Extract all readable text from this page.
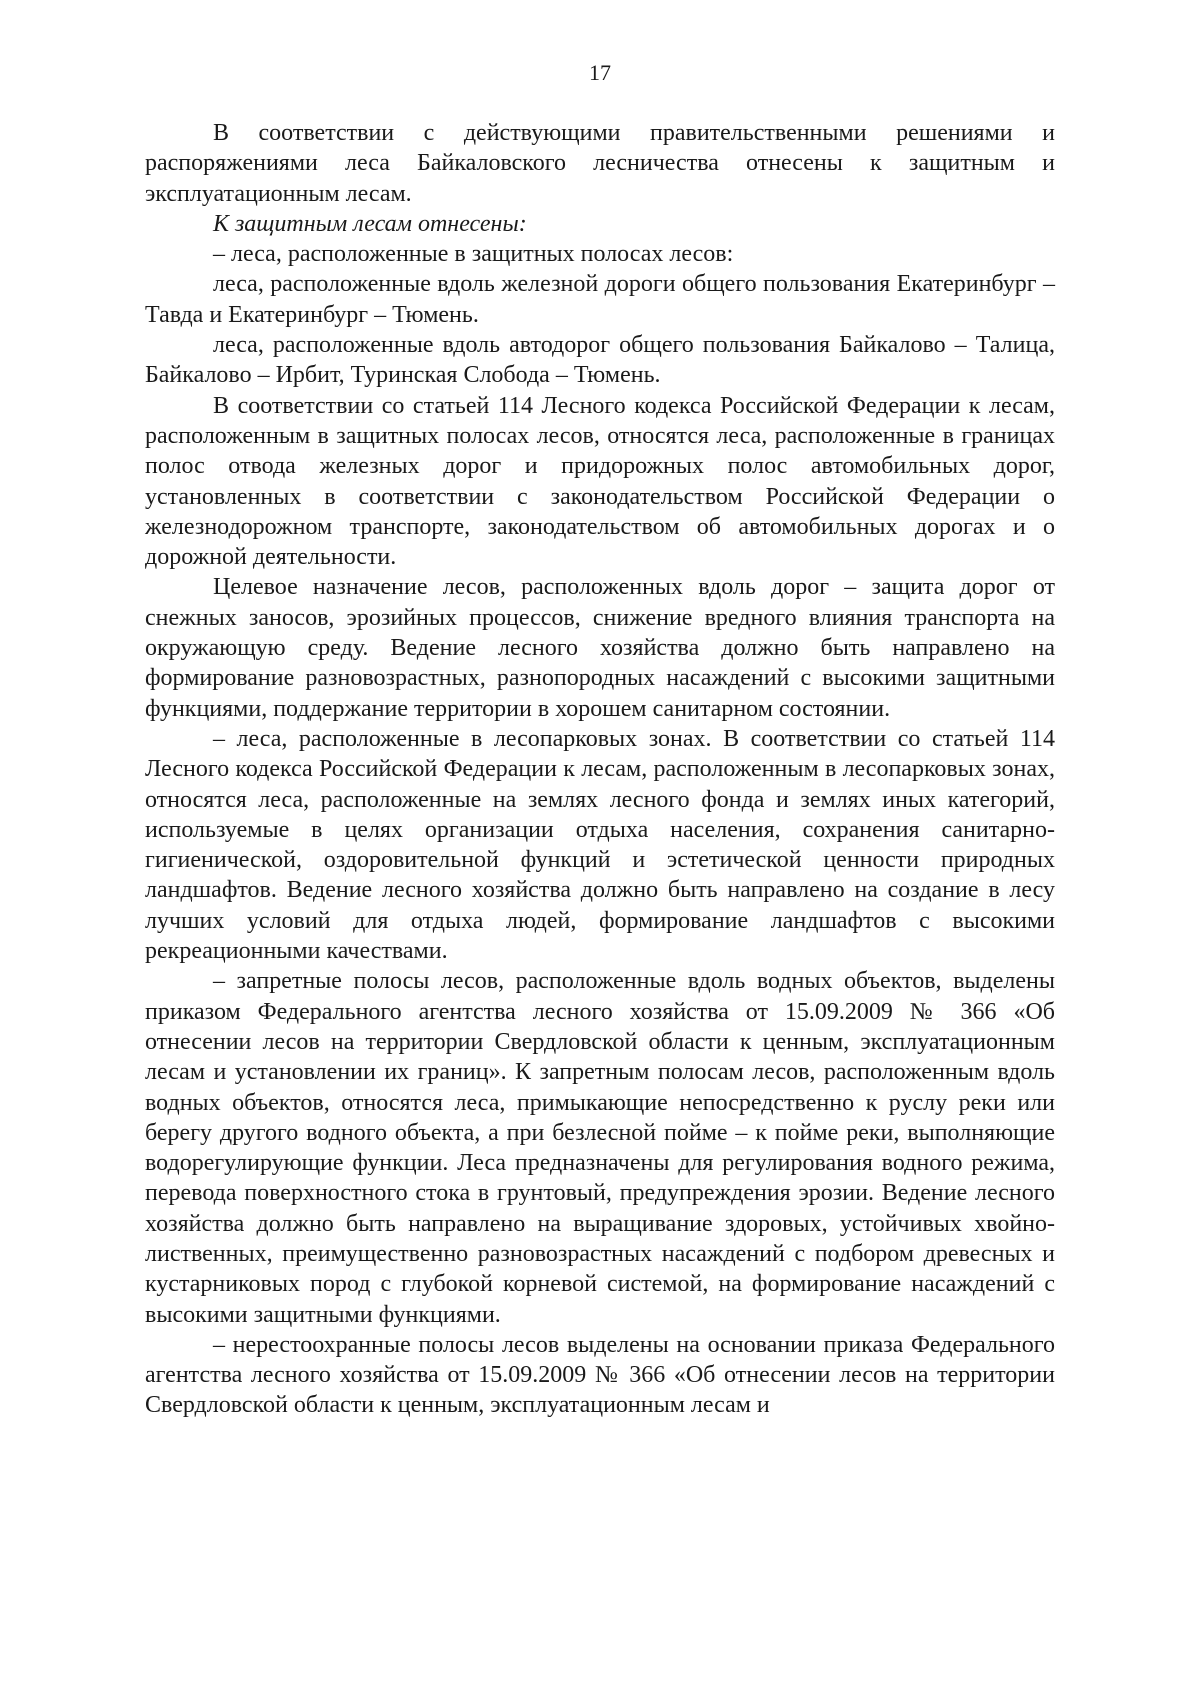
17

В соответствии с действующими правительственными решениями и распоряжениями леса Байкаловского лесничества отнесены к защитным и эксплуатационным лесам.

К защитным лесам отнесены:

– леса, расположенные в защитных полосах лесов:

леса, расположенные вдоль железной дороги общего пользования Екатеринбург – Тавда и Екатеринбург – Тюмень.

леса, расположенные вдоль автодорог общего пользования Байкалово – Талица, Байкалово – Ирбит, Туринская Слобода – Тюмень.

В соответствии со статьей 114 Лесного кодекса Российской Федерации к лесам, расположенным в защитных полосах лесов, относятся леса, расположенные в границах полос отвода железных дорог и придорожных полос автомобильных дорог, установленных в соответствии с законодательством Российской Федерации о железнодорожном транспорте, законодательством об автомобильных дорогах и о дорожной деятельности.

Целевое назначение лесов, расположенных вдоль дорог – защита дорог от снежных заносов, эрозийных процессов, снижение вредного влияния транспорта на окружающую среду. Ведение лесного хозяйства должно быть направлено на формирование разновозрастных, разнопородных насаждений с высокими защитными функциями, поддержание территории в хорошем санитарном состоянии.

– леса, расположенные в лесопарковых зонах. В соответствии со статьей 114 Лесного кодекса Российской Федерации к лесам, расположенным в лесопарковых зонах, относятся леса, расположенные на землях лесного фонда и землях иных категорий, используемые в целях организации отдыха населения, сохранения санитарно-гигиенической, оздоровительной функций и эстетической ценности природных ландшафтов. Ведение лесного хозяйства должно быть направлено на создание в лесу лучших условий для отдыха людей, формирование ландшафтов с высокими рекреационными качествами.

– запретные полосы лесов, расположенные вдоль водных объектов, выделены приказом Федерального агентства лесного хозяйства от 15.09.2009 № 366 «Об отнесении лесов на территории Свердловской области к ценным, эксплуатационным лесам и установлении их границ». К запретным полосам лесов, расположенным вдоль водных объектов, относятся леса, примыкающие непосредственно к руслу реки или берегу другого водного объекта, а при безлесной пойме – к пойме реки, выполняющие водорегулирующие функции. Леса предназначены для регулирования водного режима, перевода поверхностного стока в грунтовый, предупреждения эрозии. Ведение лесного хозяйства должно быть направлено на выращивание здоровых, устойчивых хвойно-лиственных, преимущественно разновозрастных насаждений с подбором древесных и кустарниковых пород с глубокой корневой системой, на формирование насаждений с высокими защитными функциями.

– нерестоохранные полосы лесов выделены на основании приказа Федерального агентства лесного хозяйства от 15.09.2009 № 366 «Об отнесении лесов на территории Свердловской области к ценным, эксплуатационным лесам и
